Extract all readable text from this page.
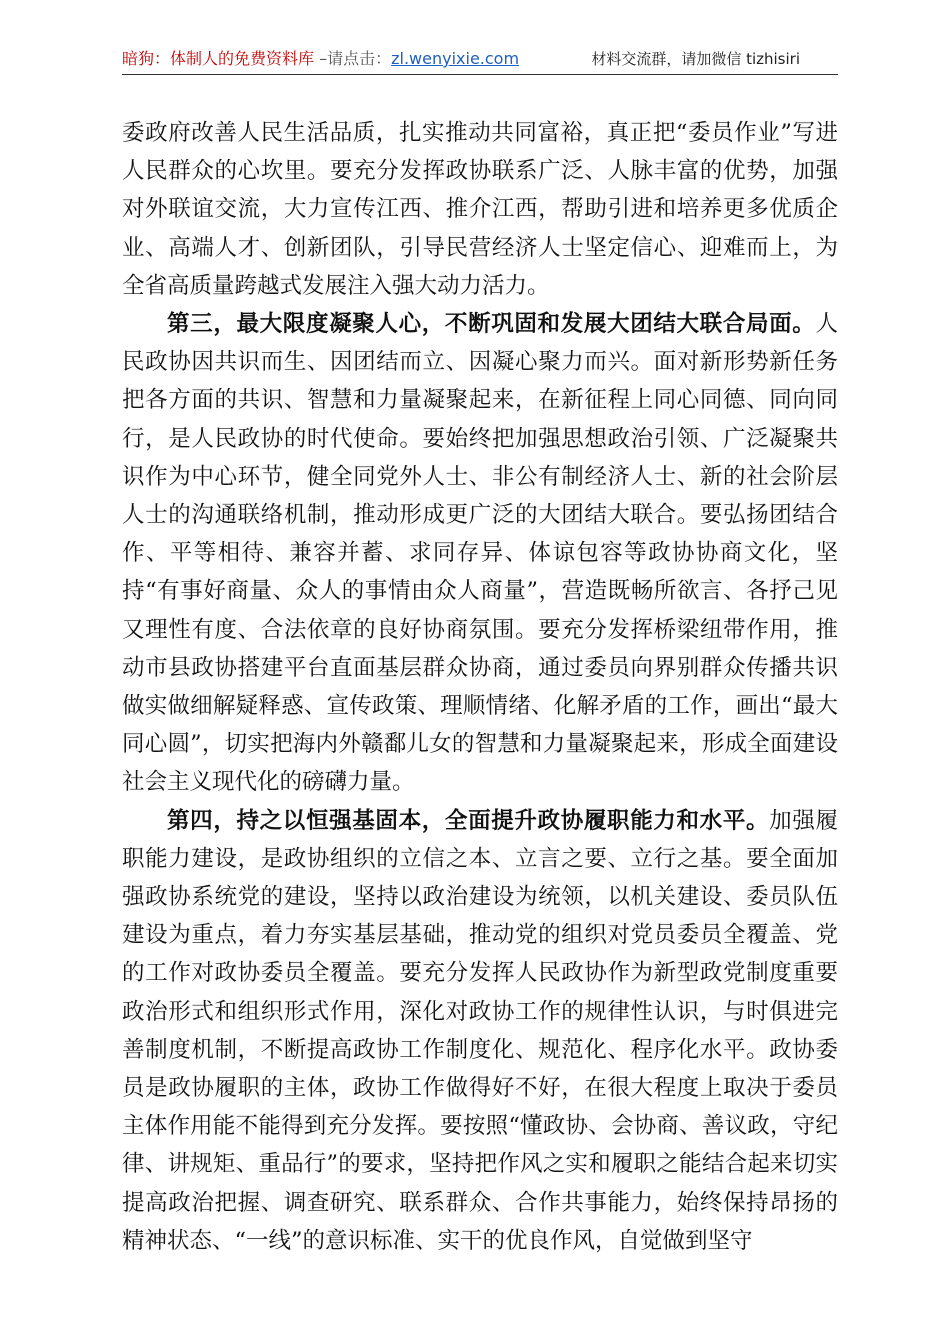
暗狗：体制人的免费资料库 –请点击：zl.wenyixie.com	材料交流群，请加微信 tizhisiri

委政府改善人民生活品质，扎实推动共同富裕，真正把“委员作业”写进人民群众的心坎里。要充分发挥政协联系广泛、人脉丰富的优势，加强对外联谊交流，大力宣传江西、推介江西，帮助引进和培养更多优质企业、高端人才、创新团队，引导民营经济人士坚定信心、迎难而上，为全省高质量跨越式发展注入强大动力活力。

第三，最大限度凝聚人心，不断巩固和发展大团结大联合局面。人民政协因共识而生、因团结而立、因凝心聚力而兴。面对新形势新任务把各方面的共识、智慧和力量凝聚起来，在新征程上同心同德、同向同行，是人民政协的时代使命。要始终把加强思想政治引领、广泛凝聚共识作为中心环节，健全同党外人士、非公有制经济人士、新的社会阶层人士的沟通联络机制，推动形成更广泛的大团结大联合。要弘扬团结合作、平等相待、兼容并蓄、求同存异、体谅包容等政协协商文化，坚持“有事好商量、众人的事情由众人商量”，营造既畅所欲言、各抒己见又理性有度、合法依章的良好协商氛围。要充分发挥桥梁纽带作用，推动市县政协搭建平台直面基层群众协商，通过委员向界别群众传播共识做实做细解疑释惑、宣传政策、理顺情绪、化解矛盾的工作，画出“最大同心圆”，切实把海内外赣鄱儿女的智慧和力量凝聚起来，形成全面建设社会主义现代化的磅礴力量。

第四，持之以恒强基固本，全面提升政协履职能力和水平。加强履职能力建设，是政协组织的立信之本、立言之要、立行之基。要全面加强政协系统党的建设，坚持以政治建设为统领，以机关建设、委员队伍建设为重点，着力夯实基层基础，推动党的组织对党员委员全覆盖、党的工作对政协委员全覆盖。要充分发挥人民政协作为新型政党制度重要政治形式和组织形式作用，深化对政协工作的规律性认识，与时俱进完善制度机制，不断提高政协工作制度化、规范化、程序化水平。政协委员是政协履职的主体，政协工作做得好不好，在很大程度上取决于委员主体作用能不能得到充分发挥。要按照“懂政协、会协商、善议政，守纪律、讲规矩、重品行”的要求，坚持把作风之实和履职之能结合起来切实提高政治把握、调查研究、联系群众、合作共事能力，始终保持昂扬的精神状态、“一线”的意识标准、实干的优良作风，自觉做到坚守
